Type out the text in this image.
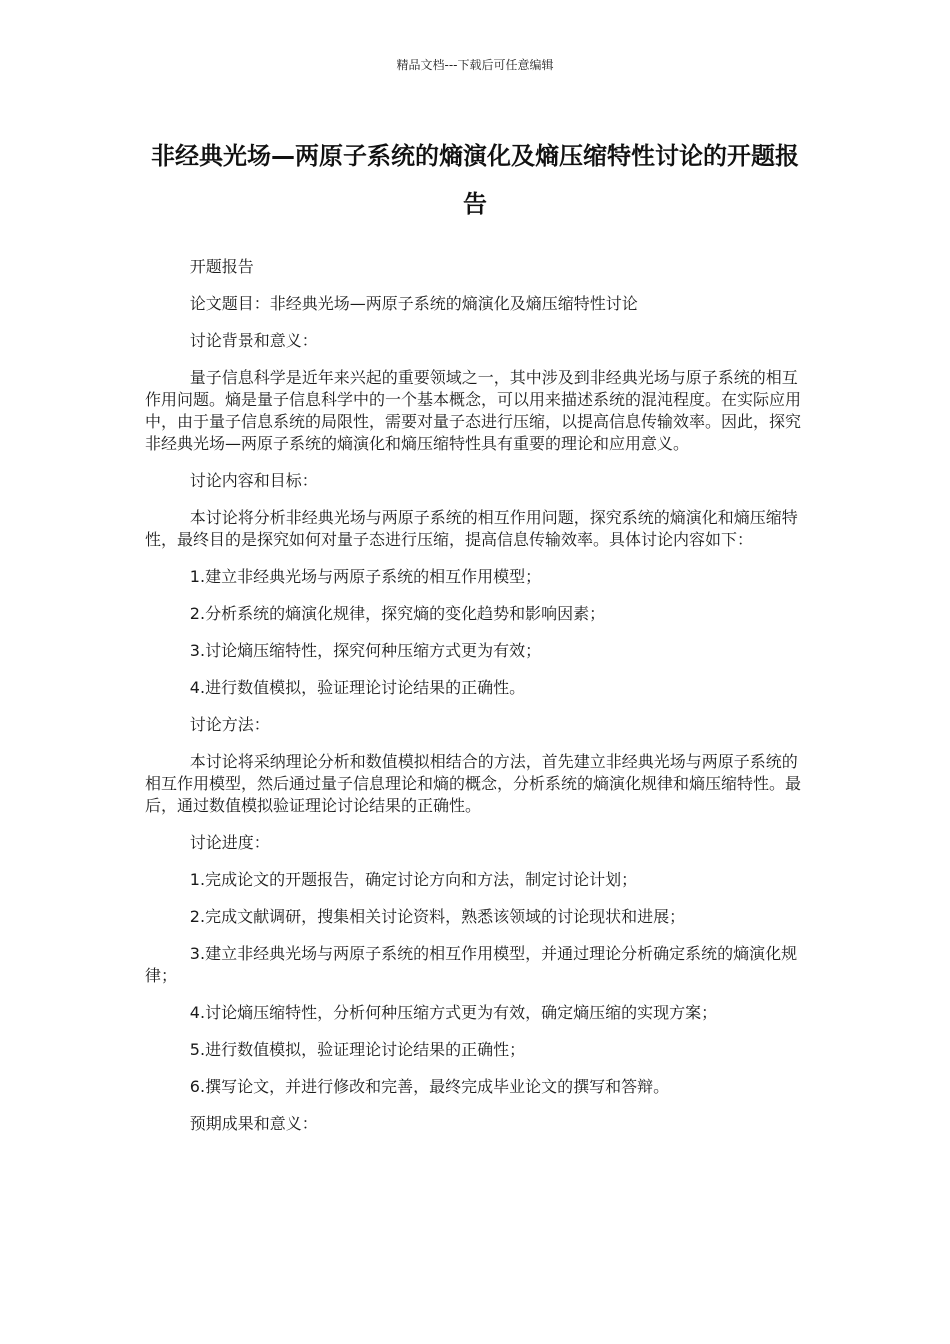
精品文档---下载后可任意编辑
非经典光场—两原子系统的熵演化及熵压缩特性讨论的开题报告

开题报告

论文题目：非经典光场—两原子系统的熵演化及熵压缩特性讨论

讨论背景和意义：

量子信息科学是近年来兴起的重要领域之一，其中涉及到非经典光场与原子系统的相互作用问题。熵是量子信息科学中的一个基本概念，可以用来描述系统的混沌程度。在实际应用中，由于量子信息系统的局限性，需要对量子态进行压缩，以提高信息传输效率。因此，探究非经典光场—两原子系统的熵演化和熵压缩特性具有重要的理论和应用意义。

讨论内容和目标：

本讨论将分析非经典光场与两原子系统的相互作用问题，探究系统的熵演化和熵压缩特性，最终目的是探究如何对量子态进行压缩，提高信息传输效率。具体讨论内容如下：

1.建立非经典光场与两原子系统的相互作用模型；

2.分析系统的熵演化规律，探究熵的变化趋势和影响因素；

3.讨论熵压缩特性，探究何种压缩方式更为有效；

4.进行数值模拟，验证理论讨论结果的正确性。

讨论方法：

本讨论将采纳理论分析和数值模拟相结合的方法，首先建立非经典光场与两原子系统的相互作用模型，然后通过量子信息理论和熵的概念，分析系统的熵演化规律和熵压缩特性。最后，通过数值模拟验证理论讨论结果的正确性。

讨论进度：

1.完成论文的开题报告，确定讨论方向和方法，制定讨论计划；

2.完成文献调研，搜集相关讨论资料，熟悉该领域的讨论现状和进展；

3.建立非经典光场与两原子系统的相互作用模型，并通过理论分析确定系统的熵演化规律；

4.讨论熵压缩特性，分析何种压缩方式更为有效，确定熵压缩的实现方案；

5.进行数值模拟，验证理论讨论结果的正确性；

6.撰写论文，并进行修改和完善，最终完成毕业论文的撰写和答辩。

预期成果和意义：
